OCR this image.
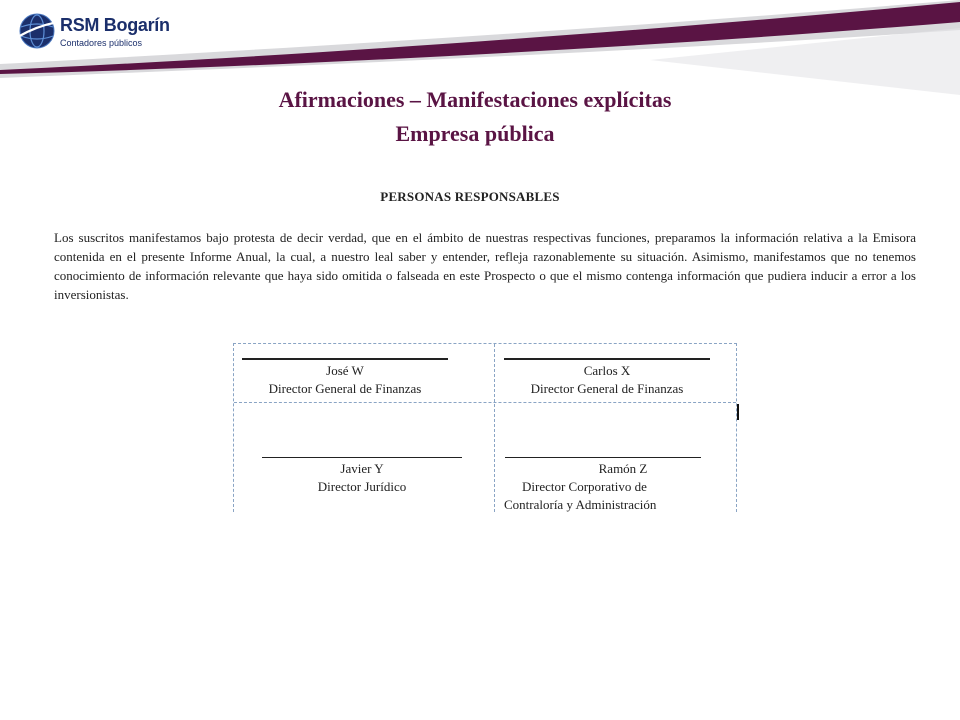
RSM Bogarín
Contadores públicos
Afirmaciones – Manifestaciones explícitas
Empresa pública
PERSONAS RESPONSABLES

Los suscritos manifestamos bajo protesta de decir verdad, que en el ámbito de nuestras respectivas funciones, preparamos la información relativa a la Emisora contenida en el presente Informe Anual, la cual, a nuestro leal saber y entender, refleja razonablemente su situación. Asimismo, manifestamos que no tenemos conocimiento de información relevante que haya sido omitida o falseada en este Prospecto o que el mismo contenga información que pudiera inducir a error a los inversionistas.

José W
Director General de Finanzas
Carlos X
Director General de Finanzas
Javier Y
Director Jurídico
Ramón Z
Director Corporativo de
Contraloría y Administración
